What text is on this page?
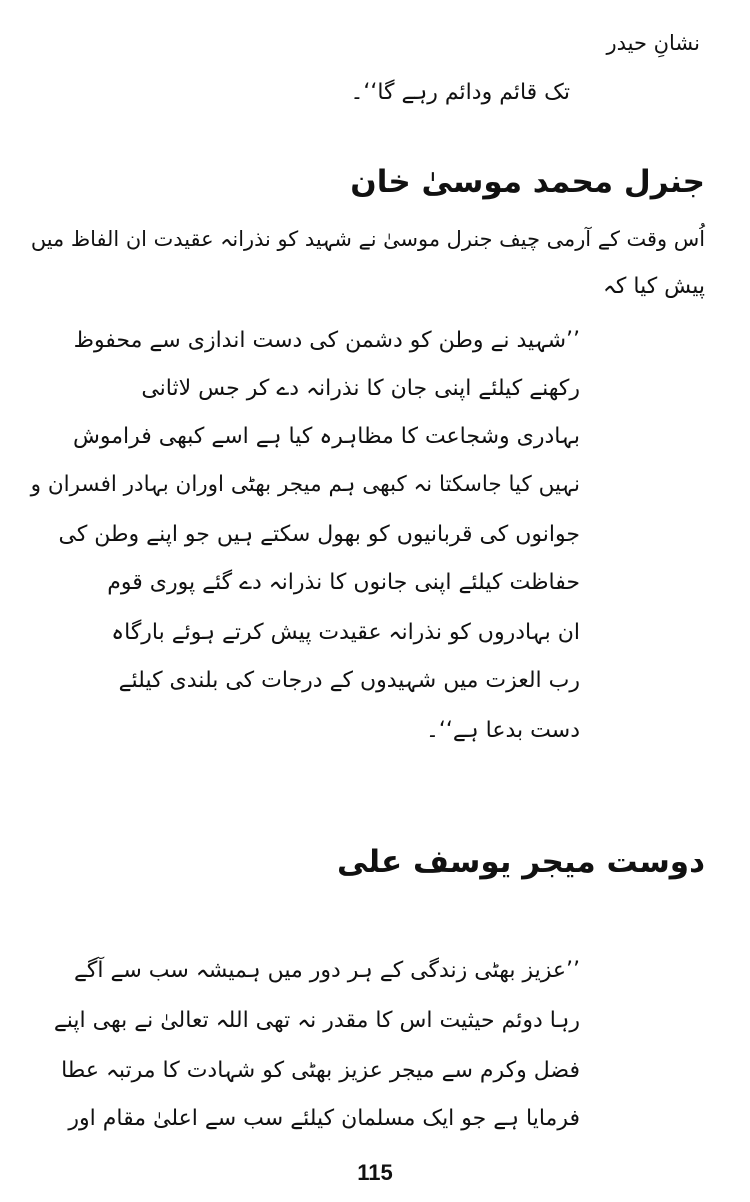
نشانِ حیدر
تک قائم ودائم رہے گا‘‘۔
جنرل محمد موسیٰ خان
اُس وقت کے آرمی چیف جنرل موسیٰ نے شہید کو نذرانہ عقیدت ان الفاظ میں
پیش کیا کہ
’’شہید نے وطن کو دشمن کی دست اندازی سے محفوظ
رکھنے کیلئے اپنی جان کا نذرانہ دے کر جس لاثانی
بہادری وشجاعت کا مظاہرہ کیا ہے اسے کبھی فراموش
نہیں کیا جاسکتا نہ کبھی ہم میجر بھٹی اوران بہادر افسران و
جوانوں کی قربانیوں کو بھول سکتے ہیں جو اپنے وطن کی
حفاظت کیلئے اپنی جانوں کا نذرانہ دے گئے پوری قوم
ان بہادروں کو نذرانہ عقیدت پیش کرتے ہوئے بارگاہ
رب العزت میں شہیدوں کے درجات کی بلندی کیلئے
دست بدعا ہے‘‘۔
دوست میجر یوسف علی
’’عزیز بھٹی زندگی کے ہر دور میں ہمیشہ سب سے آگے
رہا دوئم حیثیت اس کا مقدر نہ تھی اللہ تعالیٰ نے بھی اپنے
فضل وکرم سے میجر عزیز بھٹی کو شہادت کا مرتبہ عطا
فرمایا ہے جو ایک مسلمان کیلئے سب سے اعلیٰ مقام اور
115
